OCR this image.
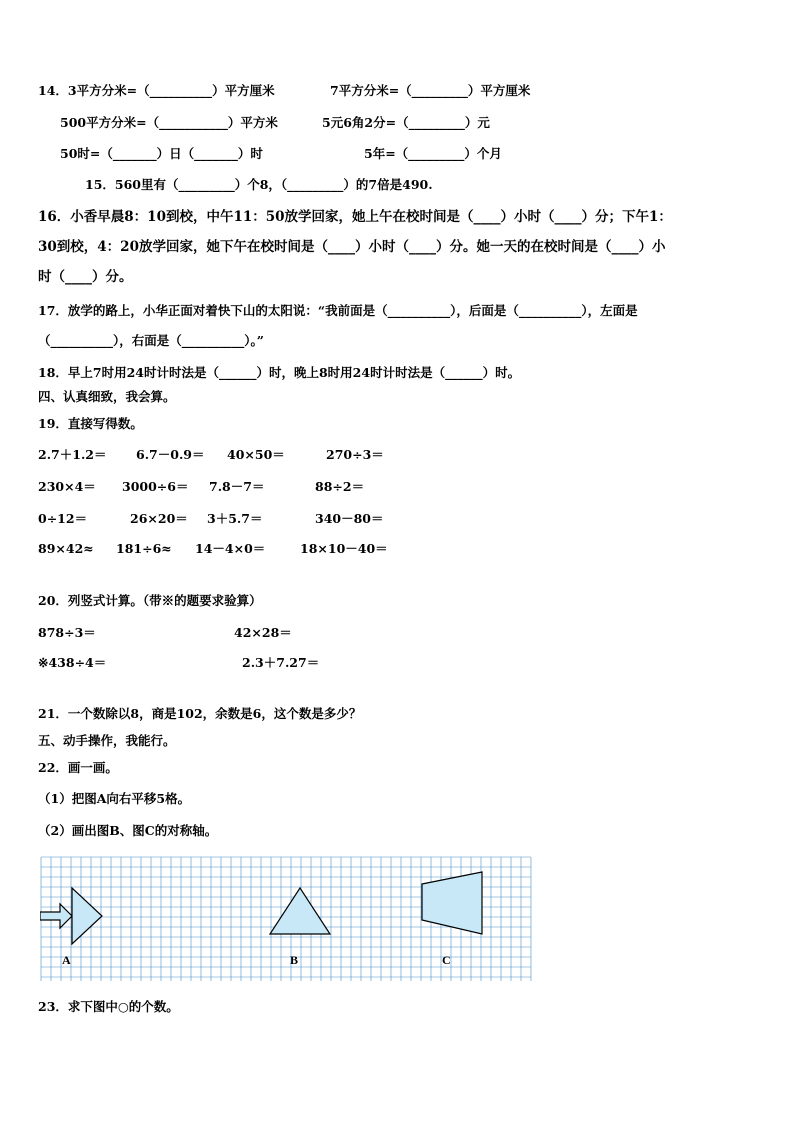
14．3平方分米=（__________）平方厘米	7平方分米=（_________）平方厘米
500平方分米=（___________）平方米	5元6角2分=（_________）元
50时=（_______）日（_______）时	5年=（_________）个月
15．560里有（_________）个8，（_________）的7倍是490.
16．小香早晨8：10到校，中午11：50放学回家，她上午在校时间是（____）小时（____）分；下午1：
30到校，4：20放学回家，她下午在校时间是（____）小时（____）分。她一天的在校时间是（____）小
时（____）分。
17．放学的路上，小华正面对着快下山的太阳说：“我前面是（__________），后面是（__________），左面是
（__________），右面是（__________）。”
18．早上7时用24时计时法是（______）时，晚上8时用24时计时法是（______）时。
四、认真细致，我会算。
19．直接写得数。
2.7＋1.2＝ 6.7－0.9＝ 40×50＝	270÷3＝
230×4＝ 3000÷6＝ 7.8－7＝	88÷2＝
0÷12＝	26×20＝ 3＋5.7＝	340－80＝
89×42≈ 181÷6≈ 14－4×0＝	18×10－40＝
20．列竖式计算。（带※的题要求验算）
878÷3＝	42×28＝
※438÷4＝	2.3＋7.27＝
21．一个数除以8，商是102，余数是6，这个数是多少？
五、动手操作，我能行。
22．画一画。
（1）把图A向右平移5格。
（2）画出图B、图C的对称轴。
A	B	C
23．求下图中○的个数。
